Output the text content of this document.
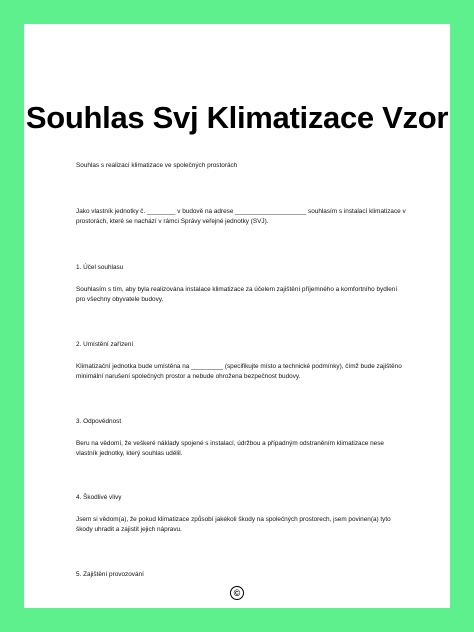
Souhlas Svj Klimatizace Vzor

Souhlas s realizací klimatizace ve společných prostorách

Jako vlastník jednotky č. ________ v budově na adrese ____________________ souhlasím s instalací klimatizace v prostorách, které se nachází v rámci Správy veřejné jednotky (SVJ).

1. Účel souhlasu

Souhlasím s tím, aby byla realizována instalace klimatizace za účelem zajištění příjemného a komfortního bydlení pro všechny obyvatele budovy.

2. Umístění zařízení

Klimatizační jednotka bude umístěna na _________ (specifikujte místo a technické podmínky), čímž bude zajištěno minimální narušení společných prostor a nebude ohrožena bezpečnost budovy.

3. Odpovědnost

Beru na vědomí, že veškeré náklady spojené s instalací, údržbou a případným odstraněním klimatizace nese vlastník jednotky, který souhlas udělil.

4. Škodlivé vlivy

Jsem si vědom(a), že pokud klimatizace způsobí jakékoli škody na společných prostorech, jsem povinen(a) tyto škody uhradit a zajistit jejich nápravu.

5. Zajištění provozování

©
